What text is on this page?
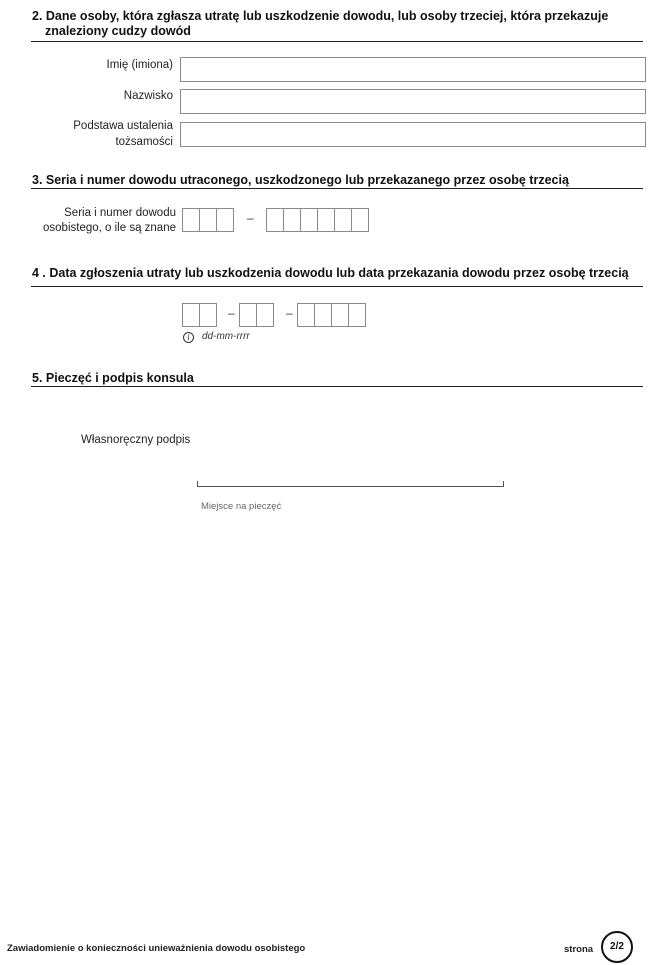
2. Dane osoby, która zgłasza utratę lub uszkodzenie dowodu, lub osoby trzeciej, która przekazuje
znaleziony cudzy dowód
Imię (imiona)
Nazwisko
Podstawa ustalenia
tożsamości
3. Seria i numer dowodu utraconego, uszkodzonego lub przekazanego przez osobę trzecią
Seria i numer dowodu
osobistego, o ile są znane
–
4 . Data zgłoszenia utraty lub uszkodzenia dowodu lub data przekazania dowodu przez osobę trzecią
–	–
i	dd-mm-rrrr
5. Pieczęć i podpis konsula
Własnoręczny podpis
Miejsce na pieczęć
Zawiadomienie o konieczności unieważnienia dowodu osobistego	strona	2/2
